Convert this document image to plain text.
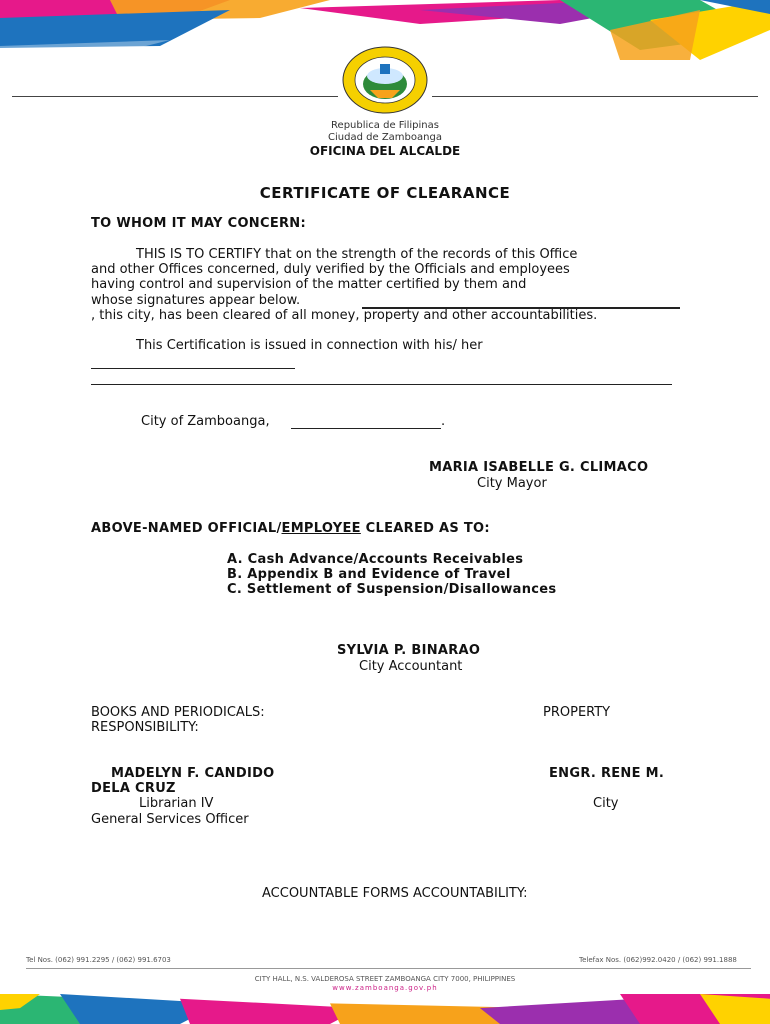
Republica de Filipinas
Ciudad de Zamboanga
OFICINA DEL ALCALDE
CERTIFICATE OF CLEARANCE
TO WHOM IT MAY CONCERN:
THIS IS TO CERTIFY that on the strength of the records of this Office
and other Offices concerned, duly verified by the Officials and employees
having control and supervision of the matter certified by them and
whose signatures appear below.
, this city, has been cleared of all money, property and other accountabilities.
This Certification is issued in connection with his/ her
City of Zamboanga,	.
MARIA ISABELLE G. CLIMACO
City Mayor
ABOVE-NAMED OFFICIAL/EMPLOYEE CLEARED AS TO:
A. Cash Advance/Accounts Receivables
B. Appendix B and Evidence of Travel
C. Settlement of Suspension/Disallowances
SYLVIA P. BINARAO
City Accountant
BOOKS AND PERIODICALS:
RESPONSIBILITY:
PROPERTY
MADELYN F. CANDIDO
DELA CRUZ
Librarian IV
General Services Officer
ENGR. RENE M.
City
ACCOUNTABLE FORMS ACCOUNTABILITY:
Tel Nos. (062) 991.2295 / (062) 991.6703	Telefax Nos. (062)992.0420 / (062) 991.1888
CITY HALL, N.S. VALDEROSA STREET ZAMBOANGA CITY 7000, PHILIPPINES
www.zamboanga.gov.ph
